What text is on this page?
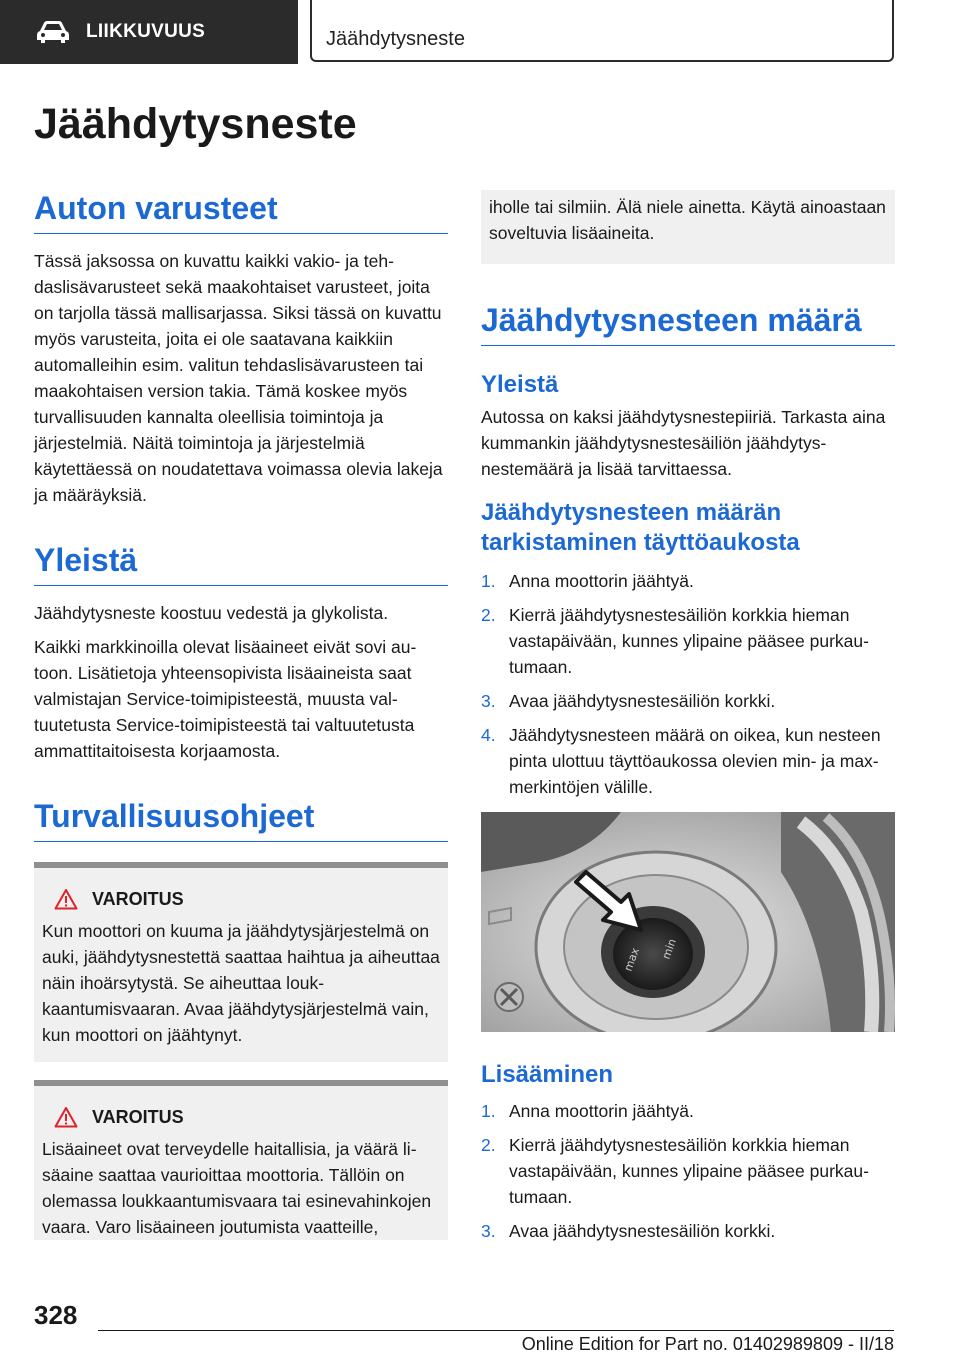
LIIKKUVUUS	Jäähdytysneste
Jäähdytysneste
Auton varusteet

Tässä jaksossa on kuvattu kaikki vakio- ja tehdaslisävarusteet sekä maakohtaiset varusteet, joita on tarjolla tässä mallisarjassa. Siksi tässä on kuvattu myös varusteita, joita ei ole saatavana kaikkiin automalleihin esim. valitun tehdaslisävarusteen tai maakohtaisen version takia. Tämä koskee myös turvallisuuden kannalta oleellisia toimintoja ja järjestelmiä. Näitä toimintoja ja järjestelmiä käytettäessä on noudatettava voimassa olevia lakeja ja määräyksiä.

Yleistä

Jäähdytysneste koostuu vedestä ja glykolista.

Kaikki markkinoilla olevat lisäaineet eivät sovi autoon. Lisätietoja yhteensopivista lisäaineista saat valmistajan Service-toimipisteestä, muusta valtuutetusta Service-toimipisteestä tai valtuutetusta ammattitaitoisesta korjaamosta.

Turvallisuusohjeet
VAROITUS

Kun moottori on kuuma ja jäähdytysjärjestelmä on auki, jäähdytysnestettä saattaa haihtua ja aiheuttaa näin ihoärsytystä. Se aiheuttaa loukkaantumisvaaran. Avaa jäähdytysjärjestelmä vain, kun moottori on jäähtynyt.

VAROITUS

Lisäaineet ovat terveydelle haitallisia, ja väärä lisäaine saattaa vaurioittaa moottoria. Tällöin on olemassa loukkaantumisvaara tai esinevahinkojen vaara. Varo lisäaineen joutumista vaatteille,

iholle tai silmiin. Älä niele ainetta. Käytä ainoastaan soveltuvia lisäaineita.

Jäähdytysnesteen määrä
Yleistä

Autossa on kaksi jäähdytysnestepiiriä. Tarkasta aina kummankin jäähdytysnestesäiliön jäähdytysnestemäärä ja lisää tarvittaessa.

Jäähdytysnesteen määrän tarkistaminen täyttöaukosta
1. Anna moottorin jäähtyä.
2. Kierrä jäähdytysnestesäiliön korkkia hieman vastapäivään, kunnes ylipaine pääsee purkautumaan.
3. Avaa jäähdytysnestesäiliön korkki.
4. Jäähdytysnesteen määrä on oikea, kun nesteen pinta ulottuu täyttöaukossa olevien min- ja max-merkintöjen välille.
max min
Lisääminen
1. Anna moottorin jäähtyä.
2. Kierrä jäähdytysnestesäiliön korkkia hieman vastapäivään, kunnes ylipaine pääsee purkautumaan.
3. Avaa jäähdytysnestesäiliön korkki.
328
Online Edition for Part no. 01402989809 - II/18
